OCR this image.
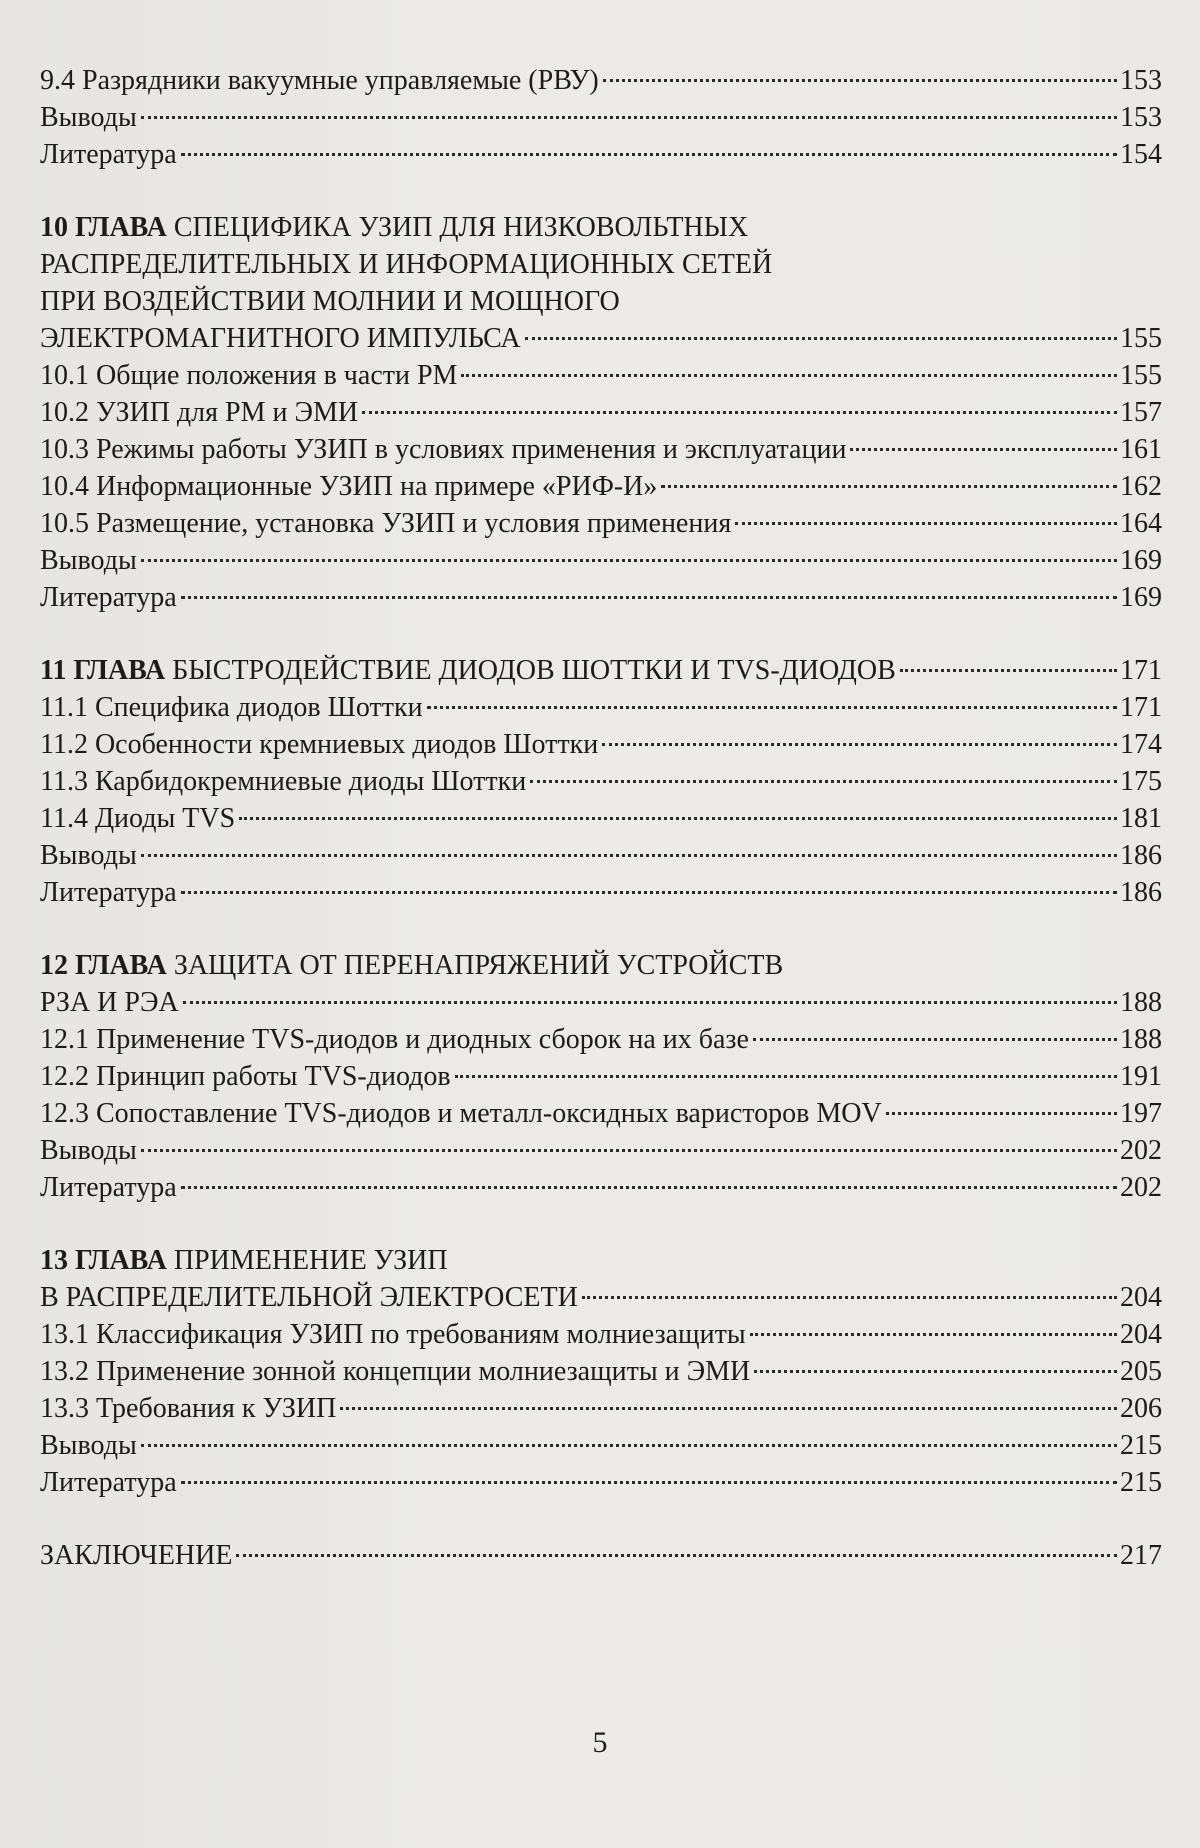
9.4 Разрядники вакуумные управляемые (РВУ)	153
Выводы	153
Литература	154
10 ГЛАВА СПЕЦИФИКА УЗИП ДЛЯ НИЗКОВОЛЬТНЫХ
РАСПРЕДЕЛИТЕЛЬНЫХ И ИНФОРМАЦИОННЫХ СЕТЕЙ
ПРИ ВОЗДЕЙСТВИИ МОЛНИИ И МОЩНОГО
ЭЛЕКТРОМАГНИТНОГО ИМПУЛЬСА	155
10.1 Общие положения в части РМ	155
10.2 УЗИП для РМ и ЭМИ	157
10.3 Режимы работы УЗИП в условиях применения и эксплуатации	161
10.4 Информационные УЗИП на примере «РИФ-И»	162
10.5 Размещение, установка УЗИП и условия применения	164
Выводы	169
Литература	169
11 ГЛАВА БЫСТРОДЕЙСТВИЕ ДИОДОВ ШОТТКИ И TVS-ДИОДОВ	171
11.1 Специфика диодов Шоттки	171
11.2 Особенности кремниевых диодов Шоттки	174
11.3 Карбидокремниевые диоды Шоттки	175
11.4 Диоды TVS	181
Выводы	186
Литература	186
12 ГЛАВА ЗАЩИТА ОТ ПЕРЕНАПРЯЖЕНИЙ УСТРОЙСТВ
РЗА И РЭА	188
12.1 Применение TVS-диодов и диодных сборок на их базе	188
12.2 Принцип работы TVS-диодов	191
12.3 Сопоставление TVS-диодов и металл-оксидных варисторов MOV	197
Выводы	202
Литература	202
13 ГЛАВА ПРИМЕНЕНИЕ УЗИП
В РАСПРЕДЕЛИТЕЛЬНОЙ ЭЛЕКТРОСЕТИ	204
13.1 Классификация УЗИП по требованиям молниезащиты	204
13.2 Применение зонной концепции молниезащиты и ЭМИ	205
13.3 Требования к УЗИП	206
Выводы	215
Литература	215
ЗАКЛЮЧЕНИЕ	217
5
